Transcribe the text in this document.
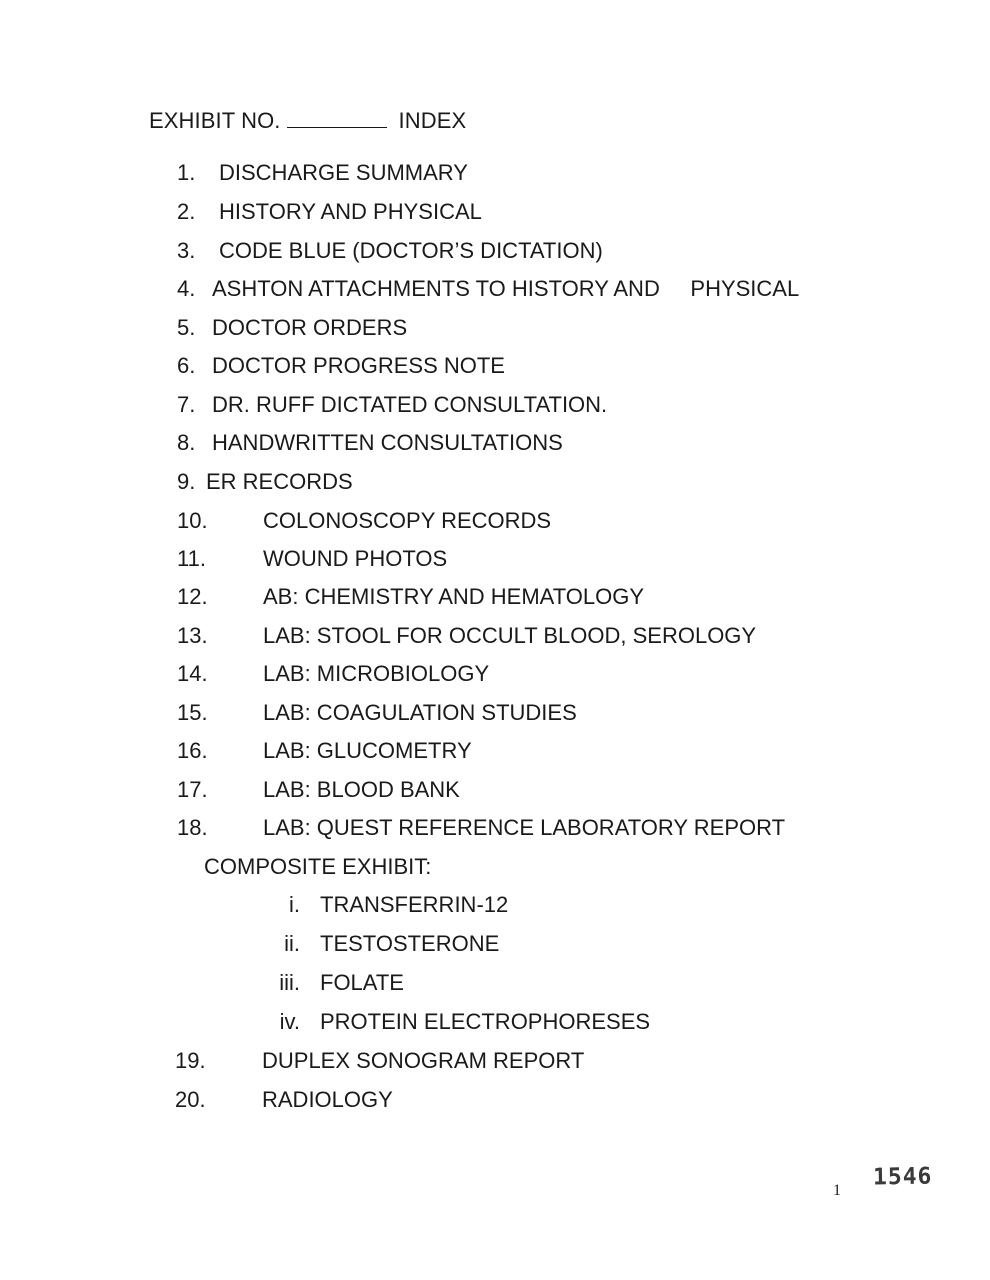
EXHIBIT NO.	INDEX
1. DISCHARGE SUMMARY
2. HISTORY AND PHYSICAL
3. CODE BLUE (DOCTOR’S DICTATION)
4. ASHTON ATTACHMENTS TO HISTORY AND     PHYSICAL
5. DOCTOR ORDERS
6. DOCTOR PROGRESS NOTE
7. DR. RUFF DICTATED CONSULTATION.
8. HANDWRITTEN CONSULTATIONS
9. ER RECORDS
10.	COLONOSCOPY RECORDS
11.	WOUND PHOTOS
12.	AB: CHEMISTRY AND HEMATOLOGY
13.	LAB: STOOL FOR OCCULT BLOOD, SEROLOGY
14.	LAB: MICROBIOLOGY
15.	LAB: COAGULATION STUDIES
16.	LAB: GLUCOMETRY
17.	LAB: BLOOD BANK
18.	LAB: QUEST REFERENCE LABORATORY REPORT
COMPOSITE EXHIBIT:
i. TRANSFERRIN-12
ii. TESTOSTERONE
iii. FOLATE
iv. PROTEIN ELECTROPHORESES
19.	DUPLEX SONOGRAM REPORT
20.	RADIOLOGY
1 1546
